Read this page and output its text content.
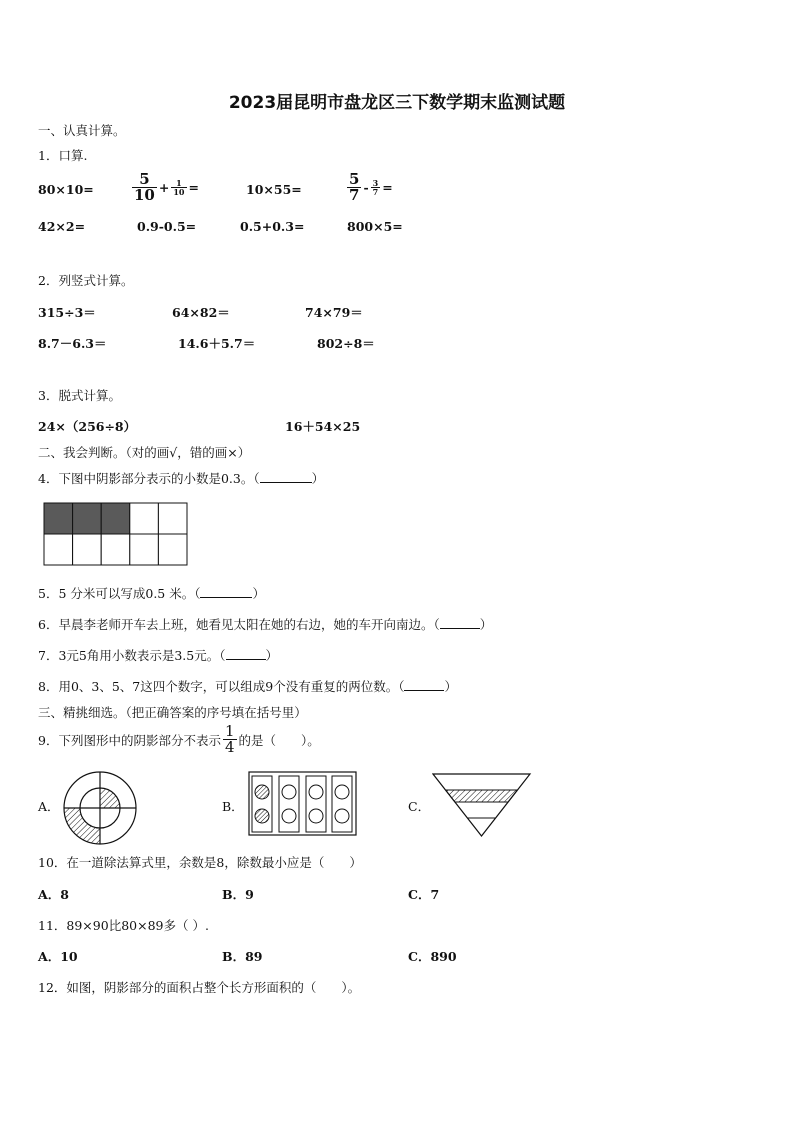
2023届昆明市盘龙区三下数学期末监测试题
一、认真计算。
1．口算.
80×10=	$\frac{5}{10} + \frac{1}{10}$ =	10×55=	$\frac{5}{7} - \frac{3}{7}$ =
42×2=	0.9-0.5=	0.5+0.3=	800×5=
2．列竖式计算。
315÷3＝	64×82＝	74×79＝
8.7－6.3＝	14.6＋5.7＝	802÷8＝
3．脱式计算。
24×（256÷8）	16＋54×25
二、我会判断。（对的画√，错的画×）
4．下图中阴影部分表示的小数是0.3。（	）
5．5 分米可以写成0.5 米。（	）
6．早晨李老师开车去上班，她看见太阳在她的右边，她的车开向南边。（	）
7．3元5角用小数表示是3.5元。（	）
8．用0、3、5、7这四个数字，可以组成9个没有重复的两位数。（	）
三、精挑细选。（把正确答案的序号填在括号里）
9．下列图形中的阴影部分不表示 $\frac{1}{4}$ 的是（　　）。
A．	B．	C．
10．在一道除法算式里，余数是8，除数最小应是（　　）
A．8	B．9	C．7
11．89×90比80×89多（ ）.
A．10	B．89	C．890
12．如图，阴影部分的面积占整个长方形面积的（　　）。
